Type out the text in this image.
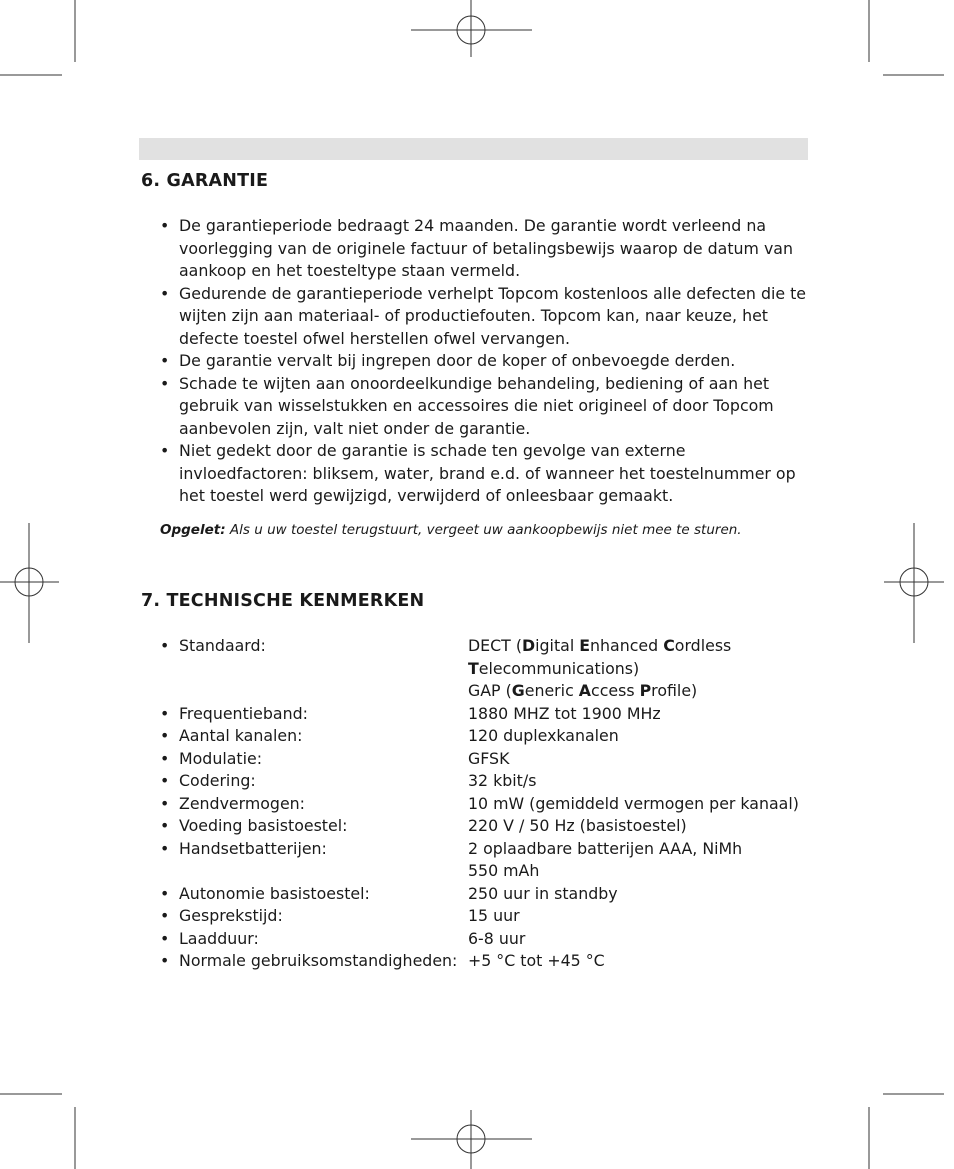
6. GARANTIE
• De garantieperiode bedraagt 24 maanden. De garantie wordt verleend na voorlegging van de originele factuur of betalingsbewijs waarop de datum van aankoop en het toesteltype staan vermeld.
• Gedurende de garantieperiode verhelpt Topcom kostenloos alle defecten die te wijten zijn aan materiaal- of productiefouten. Topcom kan, naar keuze, het defecte toestel ofwel herstellen ofwel vervangen.
• De garantie vervalt bij ingrepen door de koper of onbevoegde derden.
• Schade te wijten aan onoordeelkundige behandeling, bediening of aan het gebruik van wisselstukken en accessoires die niet origineel of door Topcom aanbevolen zijn, valt niet onder de garantie.
• Niet gedekt door de garantie is schade ten gevolge van externe invloedfactoren: bliksem, water, brand e.d. of wanneer het toestelnummer op het toestel werd gewijzigd, verwijderd of onleesbaar gemaakt.
Opgelet: Als u uw toestel terugstuurt, vergeet uw aankoopbewijs niet mee te sturen.
7. TECHNISCHE KENMERKEN
• Standaard:	DECT (Digital Enhanced Cordless
Telecommunications)
GAP (Generic Access Profile)
• Frequentieband:	1880 MHZ tot 1900 MHz
• Aantal kanalen:	120 duplexkanalen
• Modulatie:	GFSK
• Codering:	32 kbit/s
• Zendvermogen:	10 mW (gemiddeld vermogen per kanaal)
• Voeding basistoestel:	220 V / 50 Hz (basistoestel)
• Handsetbatterijen:	2 oplaadbare batterijen AAA, NiMh
550 mAh
• Autonomie basistoestel:	250 uur in standby
• Gesprekstijd:	15 uur
• Laadduur:	6-8 uur
• Normale gebruiksomstandigheden: +5 °C tot +45 °C
